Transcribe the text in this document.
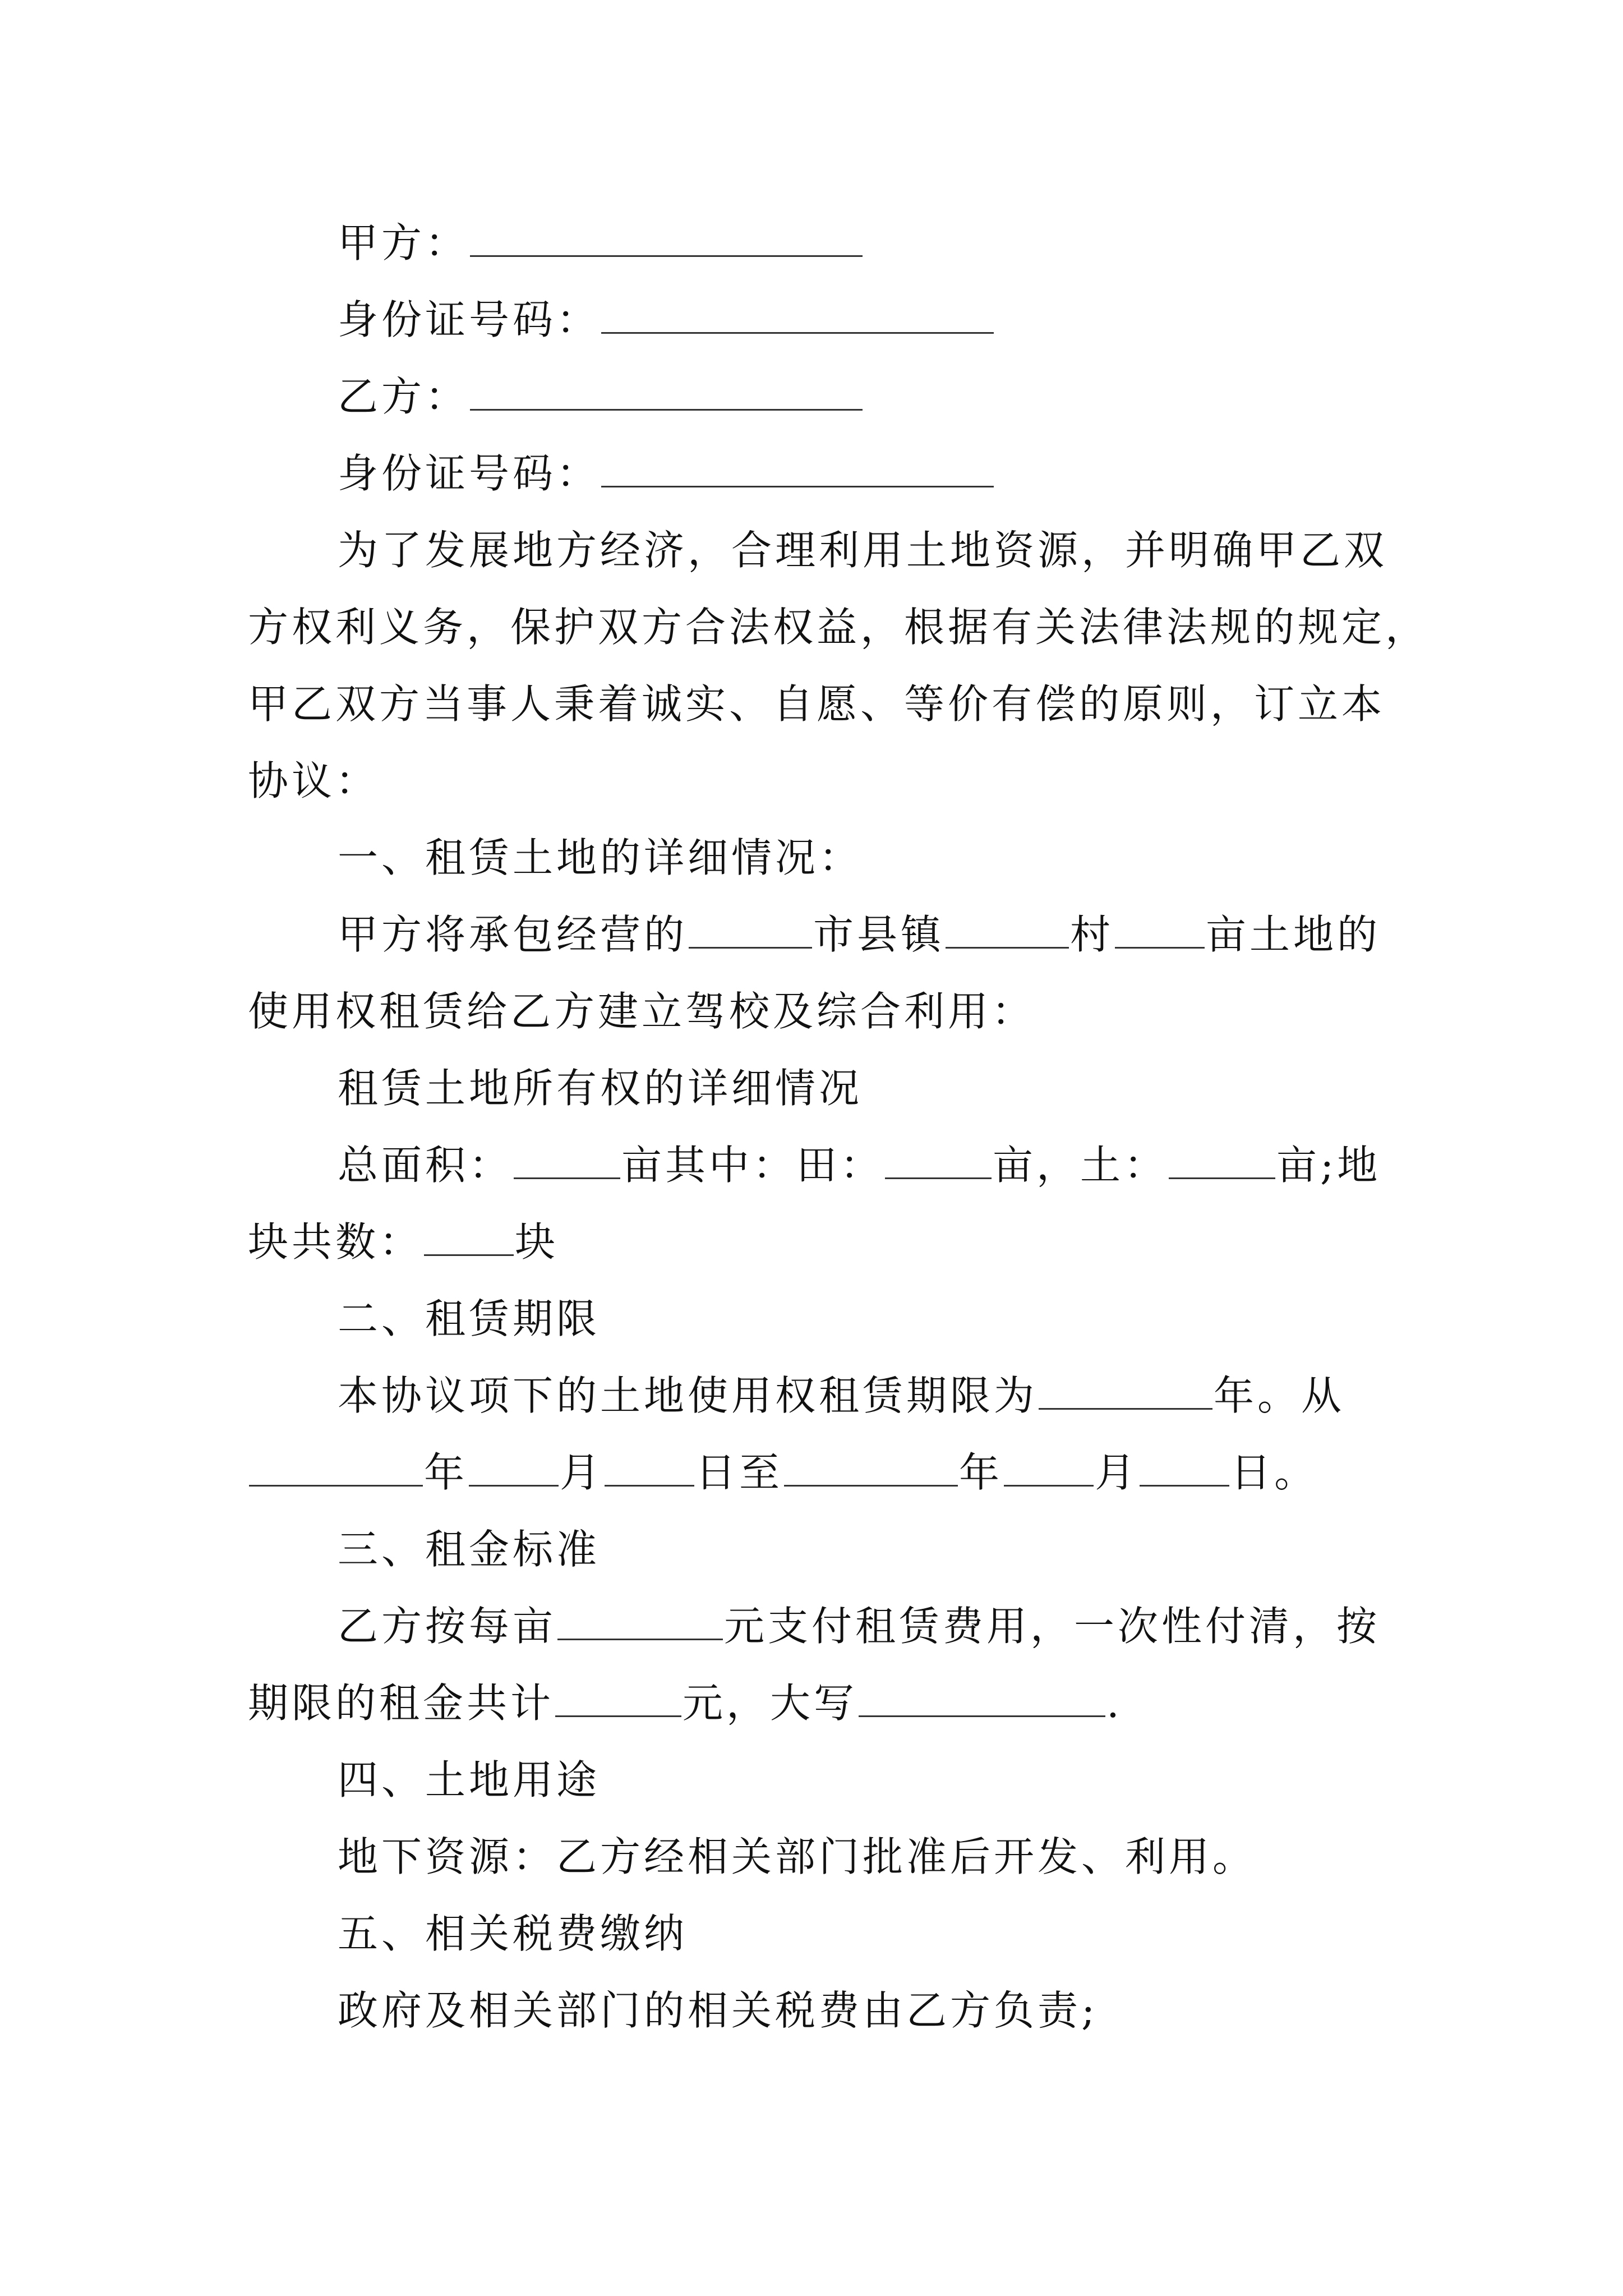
甲方：
身份证号码：
乙方：
身份证号码：
为了发展地方经济，合理利用土地资源，并明确甲乙双
方权利义务，保护双方合法权益，根据有关法律法规的规定，
甲乙双方当事人秉着诚实、自愿、等价有偿的原则，订立本
协议：
一、租赁土地的详细情况：
甲方将承包经营的	市县镇	村 亩土地的
使用权租赁给乙方建立驾校及综合利用：
租赁土地所有权的详细情况
总面积：	亩其中：田：	亩，土：	亩;地
块共数： 块
二、租赁期限
本协议项下的土地使用权租赁期限为	年。从
年 月 日至	年 月 日。
三、租金标准
乙方按每亩	元支付租赁费用，一次性付清，按
期限的租金共计	元，大写	.
四、土地用途
地下资源：乙方经相关部门批准后开发、利用。
五、相关税费缴纳
政府及相关部门的相关税费由乙方负责;
